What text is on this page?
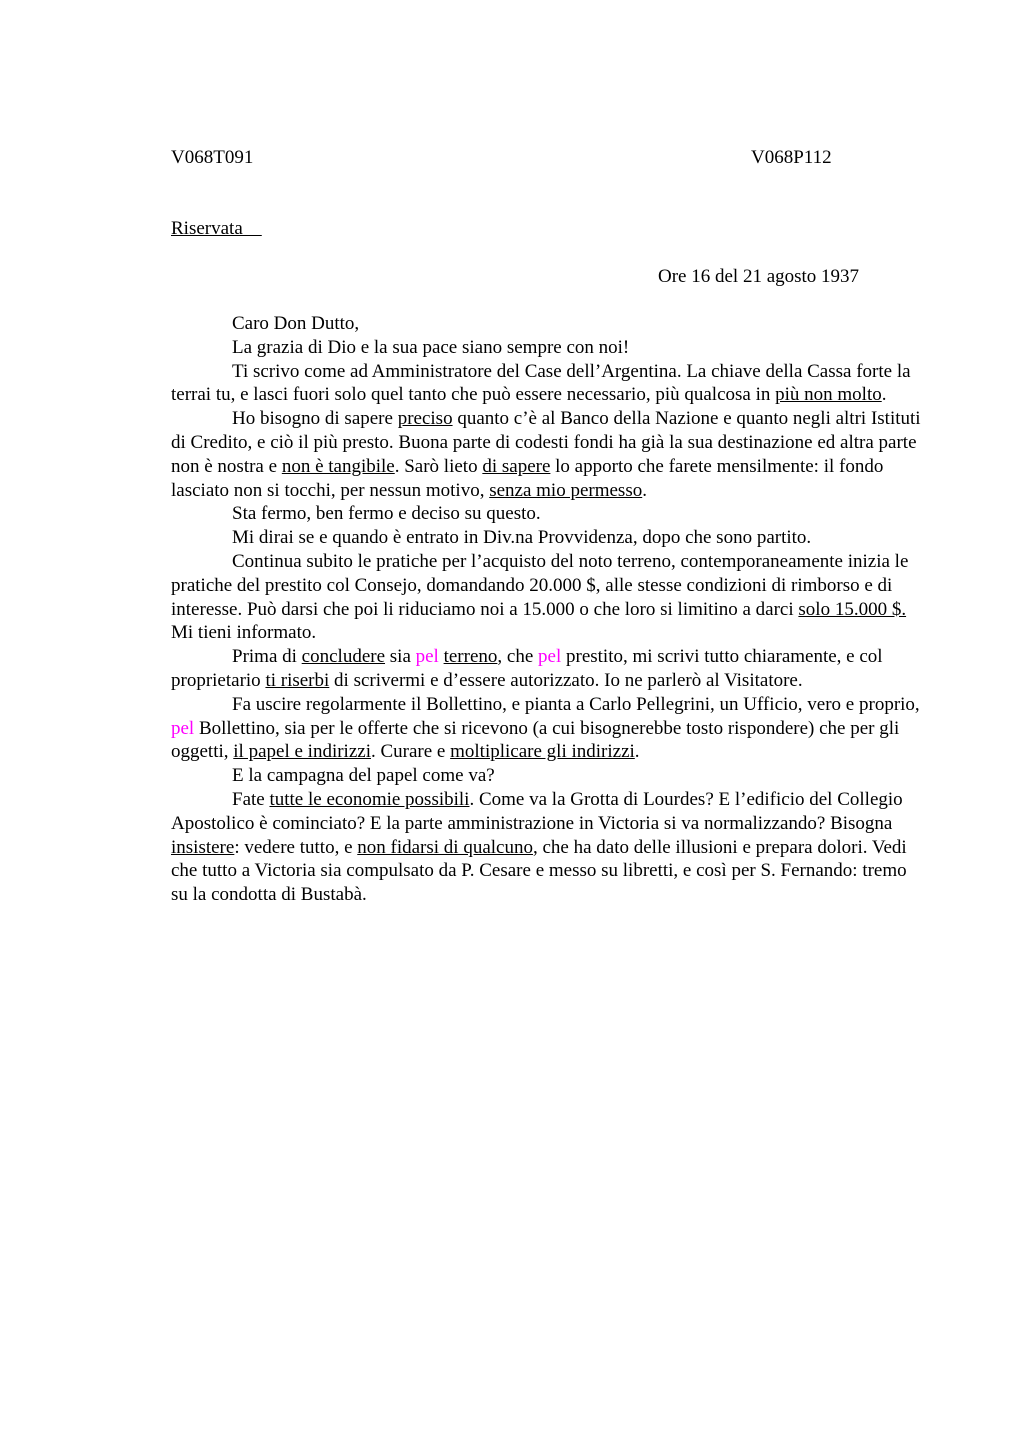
V068T091	V068P112
Riservata
Ore 16 del 21 agosto 1937

Caro Don Dutto,

La grazia di Dio e la sua pace siano sempre con noi!

Ti scrivo come ad Amministratore del Case dell’Argentina. La chiave della Cassa forte la terrai tu, e lasci fuori solo quel tanto che può essere necessario, più qualcosa in più non molto.

Ho bisogno di sapere preciso quanto c’è al Banco della Nazione e quanto negli altri Istituti di Credito, e ciò il più presto. Buona parte di codesti fondi ha già la sua destinazione ed altra parte non è nostra e non è tangibile. Sarò lieto di sapere lo apporto che farete mensilmente: il fondo lasciato non si tocchi, per nessun motivo, senza mio permesso.

Sta fermo, ben fermo e deciso su questo.

Mi dirai se e quando è entrato in Div.na Provvidenza, dopo che sono partito.

Continua subito le pratiche per l’acquisto del noto terreno, contemporaneamente inizia le pratiche del prestito col Consejo, domandando 20.000 $, alle stesse condizioni di rimborso e di interesse. Può darsi che poi li riduciamo noi a 15.000 o che loro si limitino a darci solo 15.000 $. Mi tieni informato.

Prima di concludere sia pel terreno, che pel prestito, mi scrivi tutto chiaramente, e col proprietario ti riserbi di scrivermi e d’essere autorizzato. Io ne parlerò al Visitatore.

Fa uscire regolarmente il Bollettino, e pianta a Carlo Pellegrini, un Ufficio, vero e proprio, pel Bollettino, sia per le offerte che si ricevono (a cui bisognerebbe tosto rispondere) che per gli oggetti, il papel e indirizzi. Curare e moltiplicare gli indirizzi.

E la campagna del papel come va?

Fate tutte le economie possibili. Come va la Grotta di Lourdes? E l’edificio del Collegio Apostolico è cominciato? E la parte amministrazione in Victoria si va normalizzando? Bisogna insistere: vedere tutto, e non fidarsi di qualcuno, che ha dato delle illusioni e prepara dolori. Vedi che tutto a Victoria sia compulsato da P. Cesare e messo su libretti, e così per S. Fernando: tremo su la condotta di Bustabà.
